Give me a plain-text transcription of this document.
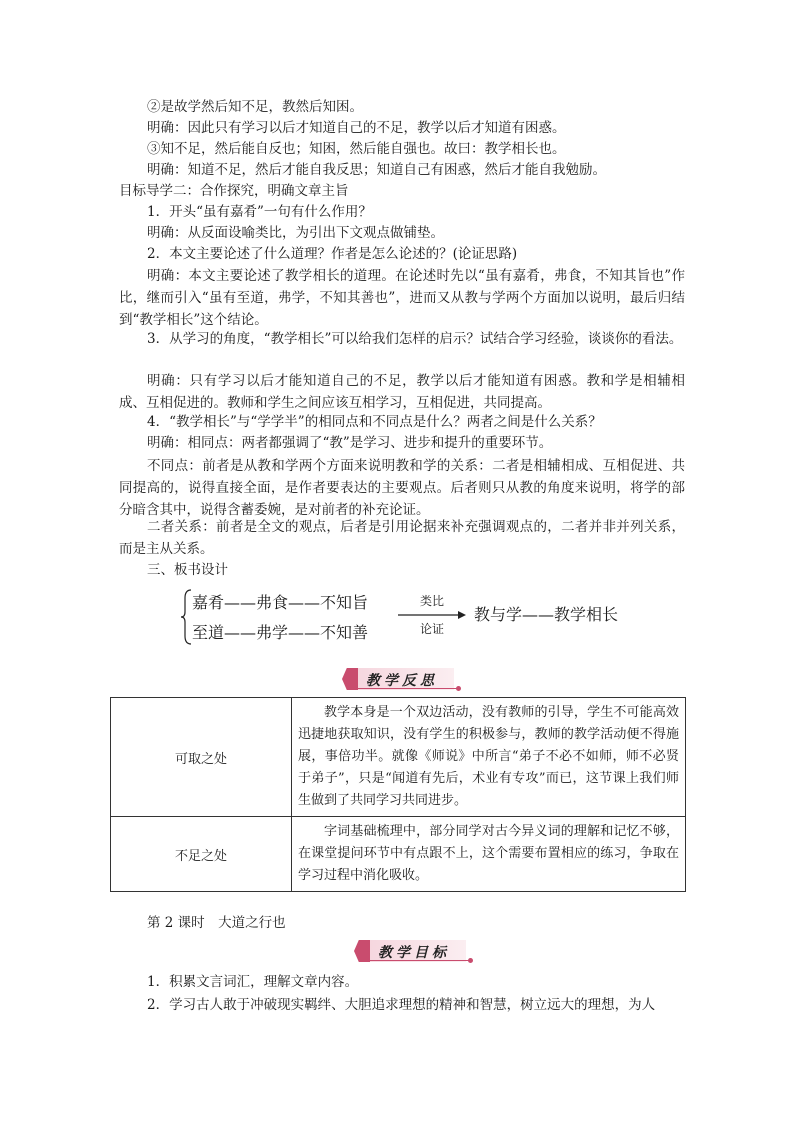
②是故学然后知不足，教然后知困。
明确：因此只有学习以后才知道自己的不足，教学以后才知道有困惑。
③知不足，然后能自反也；知困，然后能自强也。故曰：教学相长也。
明确：知道不足，然后才能自我反思；知道自己有困惑，然后才能自我勉励。
目标导学二：合作探究，明确文章主旨
1．开头“虽有嘉肴”一句有什么作用？
明确：从反面设喻类比，为引出下文观点做铺垫。
2．本文主要论述了什么道理？作者是怎么论述的？(论证思路)

明确：本文主要论述了教学相长的道理。在论述时先以“虽有嘉肴，弗食，不知其旨也”作比，继而引入“虽有至道，弗学，不知其善也”，进而又从教与学两个方面加以说明，最后归结到“教学相长”这个结论。

3．从学习的角度，“教学相长”可以给我们怎样的启示？试结合学习经验，谈谈你的看法。

明确：只有学习以后才能知道自己的不足，教学以后才能知道有困惑。教和学是相辅相成、互相促进的。教师和学生之间应该互相学习，互相促进，共同提高。

4．“教学相长”与“学学半”的相同点和不同点是什么？两者之间是什么关系？
明确：相同点：两者都强调了“教”是学习、进步和提升的重要环节。

不同点：前者是从教和学两个方面来说明教和学的关系：二者是相辅相成、互相促进、共同提高的，说得直接全面，是作者要表达的主要观点。后者则只从教的角度来说明，将学的部分暗含其中，说得含蓄委婉，是对前者的补充论证。

二者关系：前者是全文的观点，后者是引用论据来补充强调观点的，二者并非并列关系，而是主从关系。

三、板书设计
嘉肴——弗食——不知旨
至道——弗学——不知善
类比
论证
教与学——教学相长
教学反思
可取之处	教学本身是一个双边活动，没有教师的引导，学生不可能高效迅捷地获取知识，没有学生的积极参与，教师的教学活动便不得施展，事倍功半。就像《师说》中所言“弟子不必不如师，师不必贤于弟子”，只是“闻道有先后，术业有专攻”而已，这节课上我们师生做到了共同学习共同进步。

不足之处	字词基础梳理中，部分同学对古今异义词的理解和记忆不够，在课堂提问环节中有点跟不上，这个需要布置相应的练习，争取在学习过程中消化吸收。

第 2 课时　大道之行也
教学目标
1．积累文言词汇，理解文章内容。
2．学习古人敢于冲破现实羁绊、大胆追求理想的精神和智慧，树立远大的理想，为人
